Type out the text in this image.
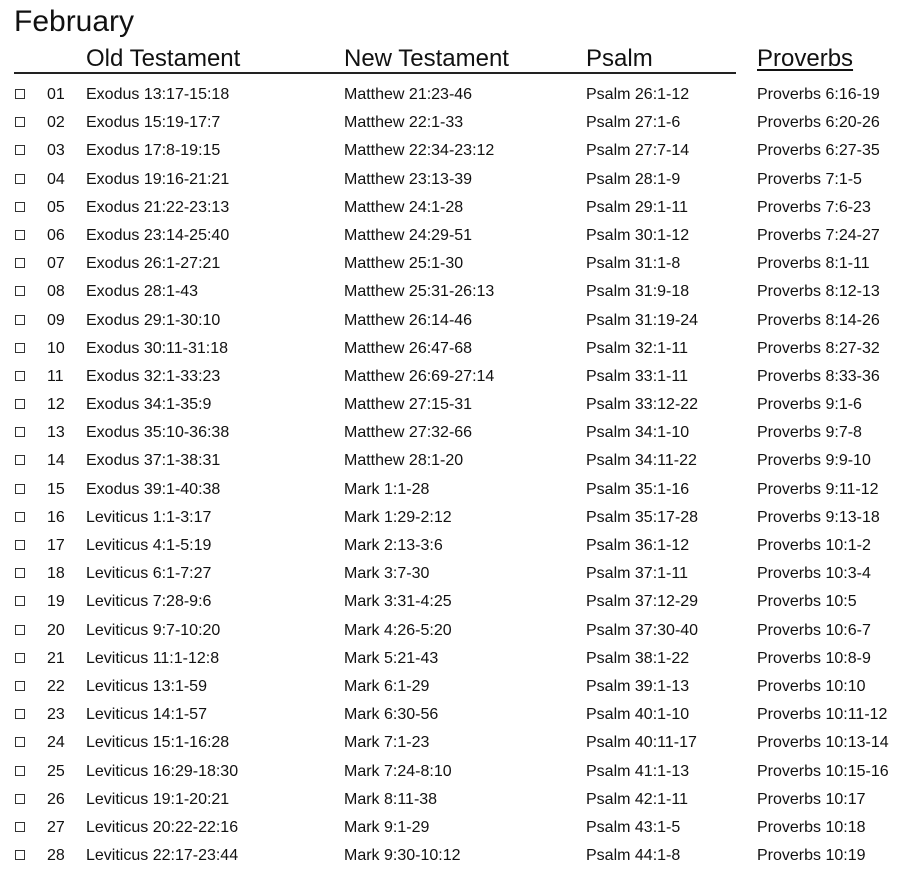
February
Old Testament	New Testament	Psalm	Proverbs
01 Exodus 13:17-15:18	Matthew 21:23-46	Psalm 26:1-12	Proverbs 6:16-19
02 Exodus 15:19-17:7	Matthew 22:1-33	Psalm 27:1-6	Proverbs 6:20-26
03 Exodus 17:8-19:15	Matthew 22:34-23:12	Psalm 27:7-14	Proverbs 6:27-35
04 Exodus 19:16-21:21	Matthew 23:13-39	Psalm 28:1-9	Proverbs 7:1-5
05 Exodus 21:22-23:13	Matthew 24:1-28	Psalm 29:1-11	Proverbs 7:6-23
06 Exodus 23:14-25:40	Matthew 24:29-51	Psalm 30:1-12	Proverbs 7:24-27
07 Exodus 26:1-27:21	Matthew 25:1-30	Psalm 31:1-8	Proverbs 8:1-11
08 Exodus 28:1-43	Matthew 25:31-26:13	Psalm 31:9-18	Proverbs 8:12-13
09 Exodus 29:1-30:10	Matthew 26:14-46	Psalm 31:19-24	Proverbs 8:14-26
10 Exodus 30:11-31:18	Matthew 26:47-68	Psalm 32:1-11	Proverbs 8:27-32
11 Exodus 32:1-33:23	Matthew 26:69-27:14	Psalm 33:1-11	Proverbs 8:33-36
12 Exodus 34:1-35:9	Matthew 27:15-31	Psalm 33:12-22	Proverbs 9:1-6
13 Exodus 35:10-36:38	Matthew 27:32-66	Psalm 34:1-10	Proverbs 9:7-8
14 Exodus 37:1-38:31	Matthew 28:1-20	Psalm 34:11-22	Proverbs 9:9-10
15 Exodus 39:1-40:38	Mark 1:1-28	Psalm 35:1-16	Proverbs 9:11-12
16 Leviticus 1:1-3:17	Mark 1:29-2:12	Psalm 35:17-28	Proverbs 9:13-18
17 Leviticus 4:1-5:19	Mark 2:13-3:6	Psalm 36:1-12	Proverbs 10:1-2
18 Leviticus 6:1-7:27	Mark 3:7-30	Psalm 37:1-11	Proverbs 10:3-4
19 Leviticus 7:28-9:6	Mark 3:31-4:25	Psalm 37:12-29	Proverbs 10:5
20 Leviticus 9:7-10:20	Mark 4:26-5:20	Psalm 37:30-40	Proverbs 10:6-7
21 Leviticus 11:1-12:8	Mark 5:21-43	Psalm 38:1-22	Proverbs 10:8-9
22 Leviticus 13:1-59	Mark 6:1-29	Psalm 39:1-13	Proverbs 10:10
23 Leviticus 14:1-57	Mark 6:30-56	Psalm 40:1-10	Proverbs 10:11-12
24 Leviticus 15:1-16:28	Mark 7:1-23	Psalm 40:11-17	Proverbs 10:13-14
25 Leviticus 16:29-18:30	Mark 7:24-8:10	Psalm 41:1-13	Proverbs 10:15-16
26 Leviticus 19:1-20:21	Mark 8:11-38	Psalm 42:1-11	Proverbs 10:17
27 Leviticus 20:22-22:16	Mark 9:1-29	Psalm 43:1-5	Proverbs 10:18
28 Leviticus 22:17-23:44	Mark 9:30-10:12	Psalm 44:1-8	Proverbs 10:19
